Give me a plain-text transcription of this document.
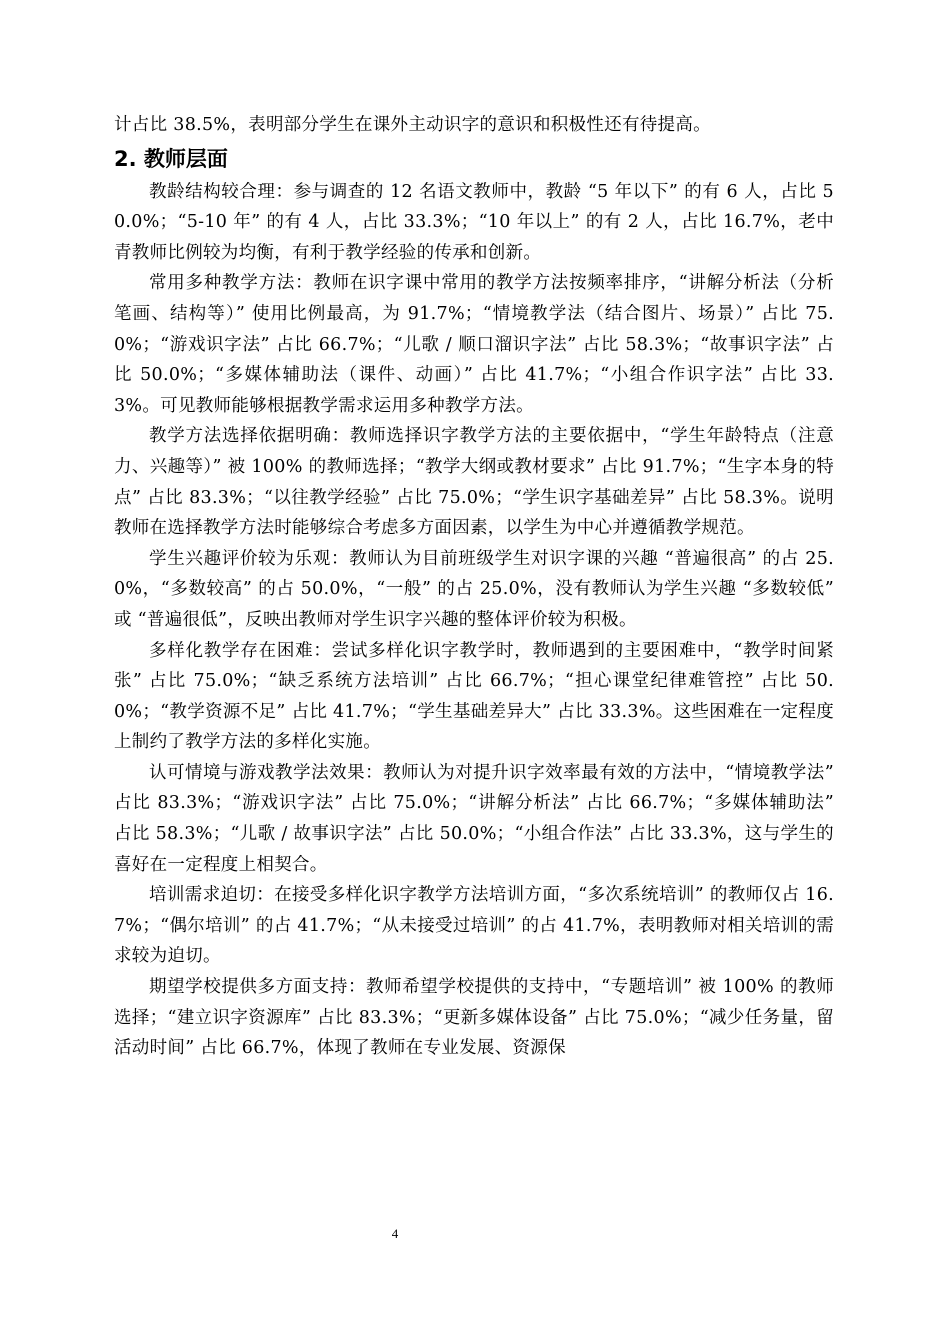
计占比 38.5%，表明部分学生在课外主动识字的意识和积极性还有待提高。

2. 教师层面

教龄结构较合理：参与调查的 12 名语文教师中，教龄 “5 年以下” 的有 6 人，占比 50.0%；“5-10 年” 的有 4 人，占比 33.3%；“10 年以上” 的有 2 人，占比 16.7%，老中青教师比例较为均衡，有利于教学经验的传承和创新。

常用多种教学方法：教师在识字课中常用的教学方法按频率排序，“讲解分析法（分析笔画、结构等）” 使用比例最高，为 91.7%；“情境教学法（结合图片、场景）” 占比 75.0%；“游戏识字法” 占比 66.7%；“儿歌 / 顺口溜识字法” 占比 58.3%；“故事识字法” 占比 50.0%；“多媒体辅助法（课件、动画）” 占比 41.7%；“小组合作识字法” 占比 33.3%。可见教师能够根据教学需求运用多种教学方法。

教学方法选择依据明确：教师选择识字教学方法的主要依据中，“学生年龄特点（注意力、兴趣等）” 被 100% 的教师选择；“教学大纲或教材要求” 占比 91.7%；“生字本身的特点” 占比 83.3%；“以往教学经验” 占比 75.0%；“学生识字基础差异” 占比 58.3%。说明教师在选择教学方法时能够综合考虑多方面因素，以学生为中心并遵循教学规范。

学生兴趣评价较为乐观：教师认为目前班级学生对识字课的兴趣 “普遍很高” 的占 25.0%，“多数较高” 的占 50.0%，“一般” 的占 25.0%，没有教师认为学生兴趣 “多数较低” 或 “普遍很低”，反映出教师对学生识字兴趣的整体评价较为积极。

多样化教学存在困难：尝试多样化识字教学时，教师遇到的主要困难中，“教学时间紧张” 占比 75.0%；“缺乏系统方法培训” 占比 66.7%；“担心课堂纪律难管控” 占比 50.0%；“教学资源不足” 占比 41.7%；“学生基础差异大” 占比 33.3%。这些困难在一定程度上制约了教学方法的多样化实施。

认可情境与游戏教学法效果：教师认为对提升识字效率最有效的方法中，“情境教学法” 占比 83.3%；“游戏识字法” 占比 75.0%；“讲解分析法” 占比 66.7%；“多媒体辅助法” 占比 58.3%；“儿歌 / 故事识字法” 占比 50.0%；“小组合作法” 占比 33.3%，这与学生的喜好在一定程度上相契合。

培训需求迫切：在接受多样化识字教学方法培训方面，“多次系统培训” 的教师仅占 16.7%；“偶尔培训” 的占 41.7%；“从未接受过培训” 的占 41.7%，表明教师对相关培训的需求较为迫切。

期望学校提供多方面支持：教师希望学校提供的支持中，“专题培训” 被 100% 的教师选择；“建立识字资源库” 占比 83.3%；“更新多媒体设备” 占比 75.0%；“减少任务量，留活动时间” 占比 66.7%，体现了教师在专业发展、资源保

4
